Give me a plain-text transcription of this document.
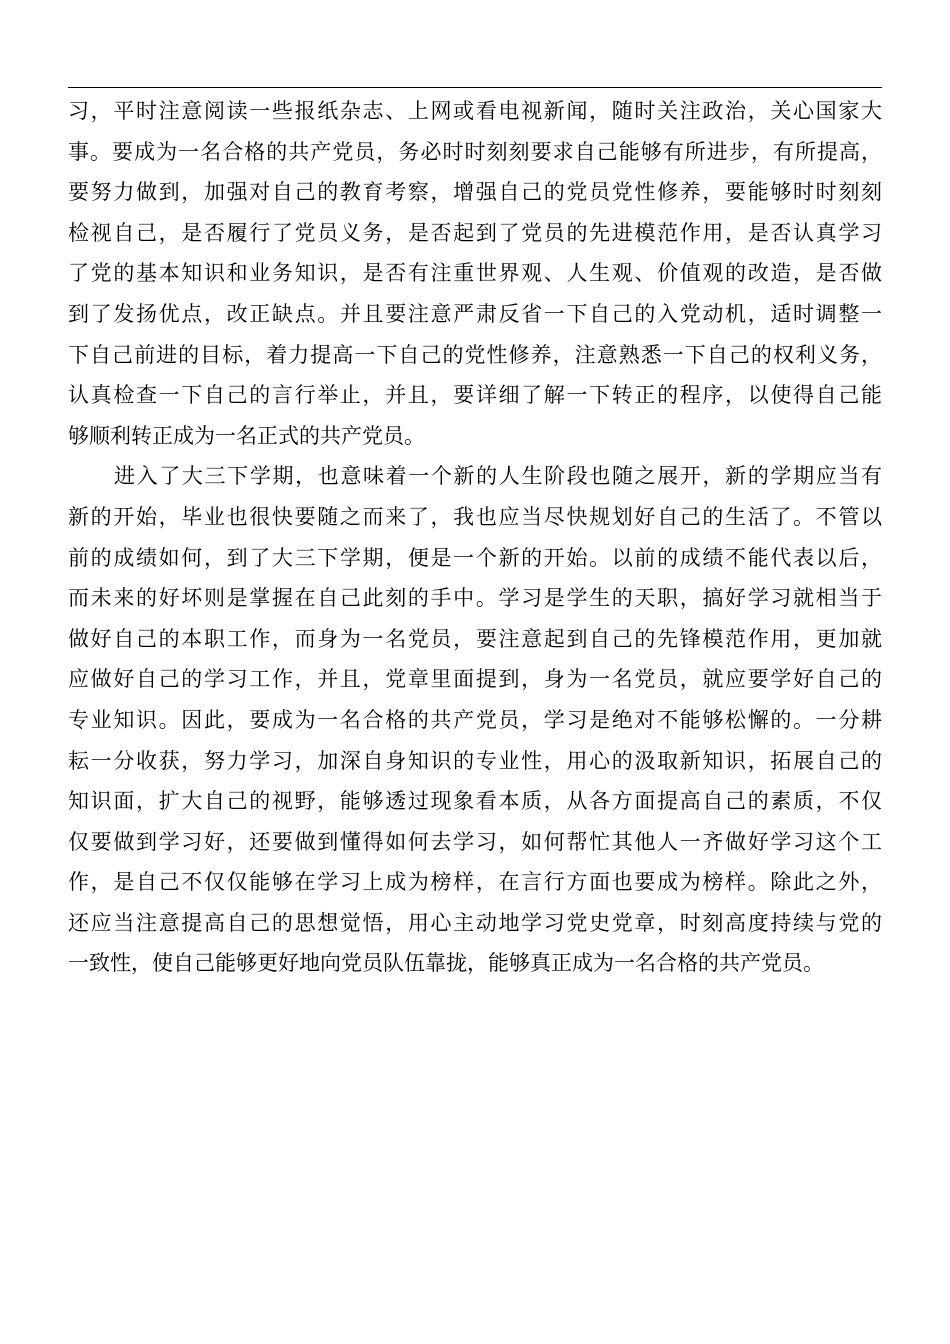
习，平时注意阅读一些报纸杂志、上网或看电视新闻，随时关注政治，关心国家大
事。要成为一名合格的共产党员，务必时时刻刻要求自己能够有所进步，有所提高，
要努力做到，加强对自己的教育考察，增强自己的党员党性修养，要能够时时刻刻
检视自己，是否履行了党员义务，是否起到了党员的先进模范作用，是否认真学习
了党的基本知识和业务知识，是否有注重世界观、人生观、价值观的改造，是否做
到了发扬优点，改正缺点。并且要注意严肃反省一下自己的入党动机，适时调整一
下自己前进的目标，着力提高一下自己的党性修养，注意熟悉一下自己的权利义务，
认真检查一下自己的言行举止，并且，要详细了解一下转正的程序，以使得自己能
够顺利转正成为一名正式的共产党员。
进入了大三下学期，也意味着一个新的人生阶段也随之展开，新的学期应当有
新的开始，毕业也很快要随之而来了，我也应当尽快规划好自己的生活了。不管以
前的成绩如何，到了大三下学期，便是一个新的开始。以前的成绩不能代表以后，
而未来的好坏则是掌握在自己此刻的手中。学习是学生的天职，搞好学习就相当于
做好自己的本职工作，而身为一名党员，要注意起到自己的先锋模范作用，更加就
应做好自己的学习工作，并且，党章里面提到，身为一名党员，就应要学好自己的
专业知识。因此，要成为一名合格的共产党员，学习是绝对不能够松懈的。一分耕
耘一分收获，努力学习，加深自身知识的专业性，用心的汲取新知识，拓展自己的
知识面，扩大自己的视野，能够透过现象看本质，从各方面提高自己的素质，不仅
仅要做到学习好，还要做到懂得如何去学习，如何帮忙其他人一齐做好学习这个工
作，是自己不仅仅能够在学习上成为榜样，在言行方面也要成为榜样。除此之外，
还应当注意提高自己的思想觉悟，用心主动地学习党史党章，时刻高度持续与党的
一致性，使自己能够更好地向党员队伍靠拢，能够真正成为一名合格的共产党员。
